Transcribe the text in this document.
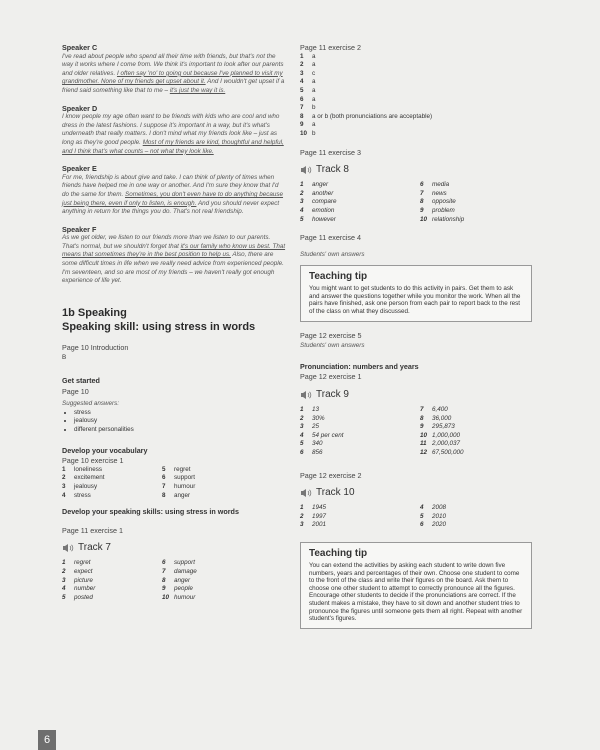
Speaker C
I've read about people who spend all their time with friends, but that's not the way it works where I come from. We think it's important to look after our parents and older relatives. I often say 'no' to going out because I've planned to visit my grandmother. None of my friends get upset about it. And I wouldn't get upset if a friend said something like that to me – it's just the way it is.
Speaker D
I know people my age often want to be friends with kids who are cool and who dress in the latest fashions. I suppose it's important in a way, but it's what's underneath that really matters. I don't mind what my friends look like – just as long as they're good people. Most of my friends are kind, thoughtful and helpful, and I think that's what counts – not what they look like.
Speaker E
For me, friendship is about give and take. I can think of plenty of times when friends have helped me in one way or another. And I'm sure they know that I'd do the same for them. Sometimes, you don't even have to do anything because just being there, even if only to listen, is enough. And you should never expect anything in return for the things you do. That's not real friendship.
Speaker F
As we get older, we listen to our friends more than we listen to our parents. That's normal, but we shouldn't forget that it's our family who know us best. That means that sometimes they're in the best position to help us. Also, there are some difficult times in life when we really need advice from experienced people. I'm seventeen, and so are most of my friends – we haven't really got enough experience of life yet.
1b Speaking
Speaking skill: using stress in words
Page 10 Introduction
B
Get started
Page 10
Suggested answers:
• stress
• jealousy
• different personalities
Develop your vocabulary
Page 10 exercise 1
1 loneliness	5 regret
2 excitement	6 support
3 jealousy	7 humour
4 stress	8 anger
Develop your speaking skills: using stress in words
Page 11 exercise 1
Track 7
1 regret	6 support
2 expect	7 damage
3 picture	8 anger
4 number	9 people
5 posted	10 humour
Page 11 exercise 2
1 a
2 a
3 c
4 a
5 a
6 a
7 b
8 a or b (both pronunciations are acceptable)
9 a
10 b
Page 11 exercise 3
Track 8
1 anger	6 media
2 another	7 news
3 compare	8 opposite
4 emotion	9 problem
5 however	10 relationship
Page 11 exercise 4
Students' own answers
Teaching tip
You might want to get students to do this activity in pairs. Get them to ask and answer the questions together while you monitor the work. When all the pairs have finished, ask one person from each pair to report back to the rest of the class on what they discussed.
Page 12 exercise 5
Students' own answers
Pronunciation: numbers and years
Page 12 exercise 1
Track 9
1 13	7 6,400
2 30%	8 36,000
3 25	9 295,873
4 54 per cent	10 1,000,000
5 340	11 2,000,037
6 856	12 67,500,000
Page 12 exercise 2
Track 10
1 1945	4 2008
2 1997	5 2010
3 2001	6 2020
Teaching tip
You can extend the activities by asking each student to write down five numbers, years and percentages of their own. Choose one student to come to the front of the class and write their figures on the board. Ask them to choose one other student to attempt to correctly pronounce all the figures. Encourage other students to decide if the pronunciations are correct. If the student makes a mistake, they have to sit down and another student tries to pronounce the figures until someone gets them all right. Repeat with another student's figures.
6
